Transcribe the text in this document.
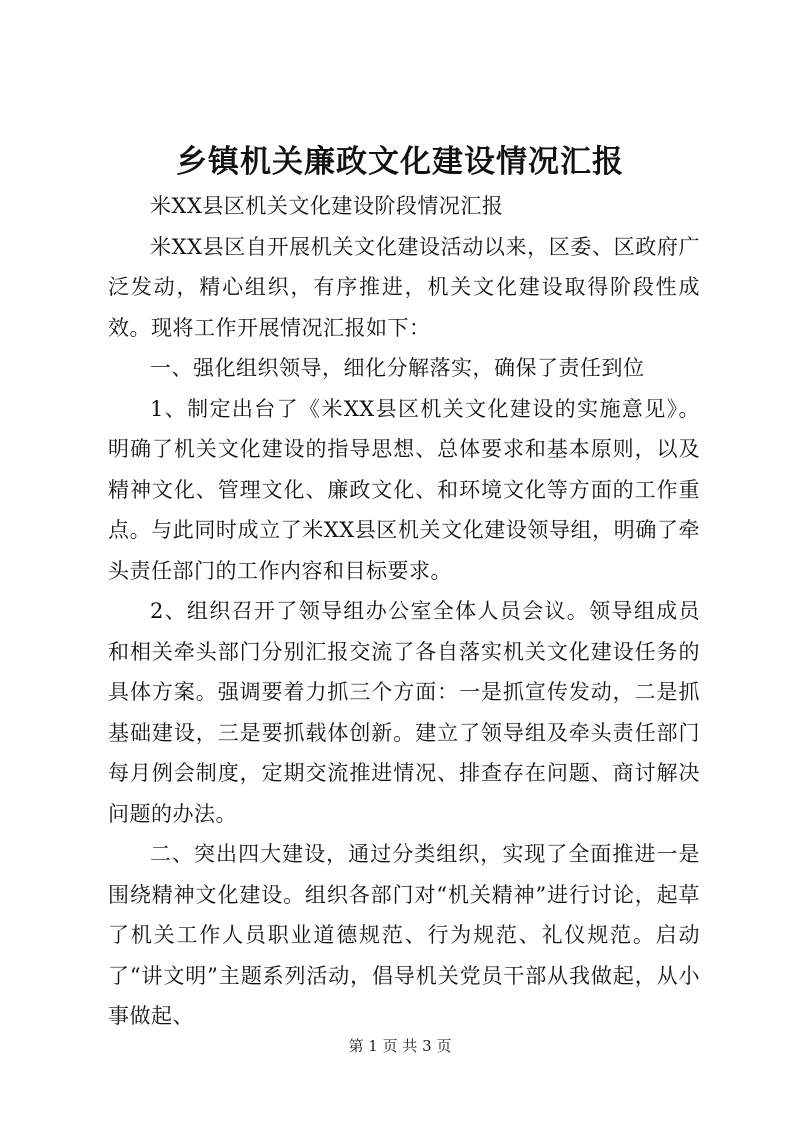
乡镇机关廉政文化建设情况汇报

米XX县区机关文化建设阶段情况汇报

米XX县区自开展机关文化建设活动以来，区委、区政府广泛发动，精心组织，有序推进，机关文化建设取得阶段性成效。现将工作开展情况汇报如下：

一、强化组织领导，细化分解落实，确保了责任到位

1、制定出台了《米XX县区机关文化建设的实施意见》。明确了机关文化建设的指导思想、总体要求和基本原则，以及精神文化、管理文化、廉政文化、和环境文化等方面的工作重点。与此同时成立了米XX县区机关文化建设领导组，明确了牵头责任部门的工作内容和目标要求。

2、组织召开了领导组办公室全体人员会议。领导组成员和相关牵头部门分别汇报交流了各自落实机关文化建设任务的具体方案。强调要着力抓三个方面：一是抓宣传发动，二是抓基础建设，三是要抓载体创新。建立了领导组及牵头责任部门每月例会制度，定期交流推进情况、排查存在问题、商讨解决问题的办法。

二、突出四大建设，通过分类组织，实现了全面推进一是围绕精神文化建设。组织各部门对“机关精神”进行讨论，起草了机关工作人员职业道德规范、行为规范、礼仪规范。启动了“讲文明”主题系列活动，倡导机关党员干部从我做起，从小事做起、

第 1 页 共 3 页
